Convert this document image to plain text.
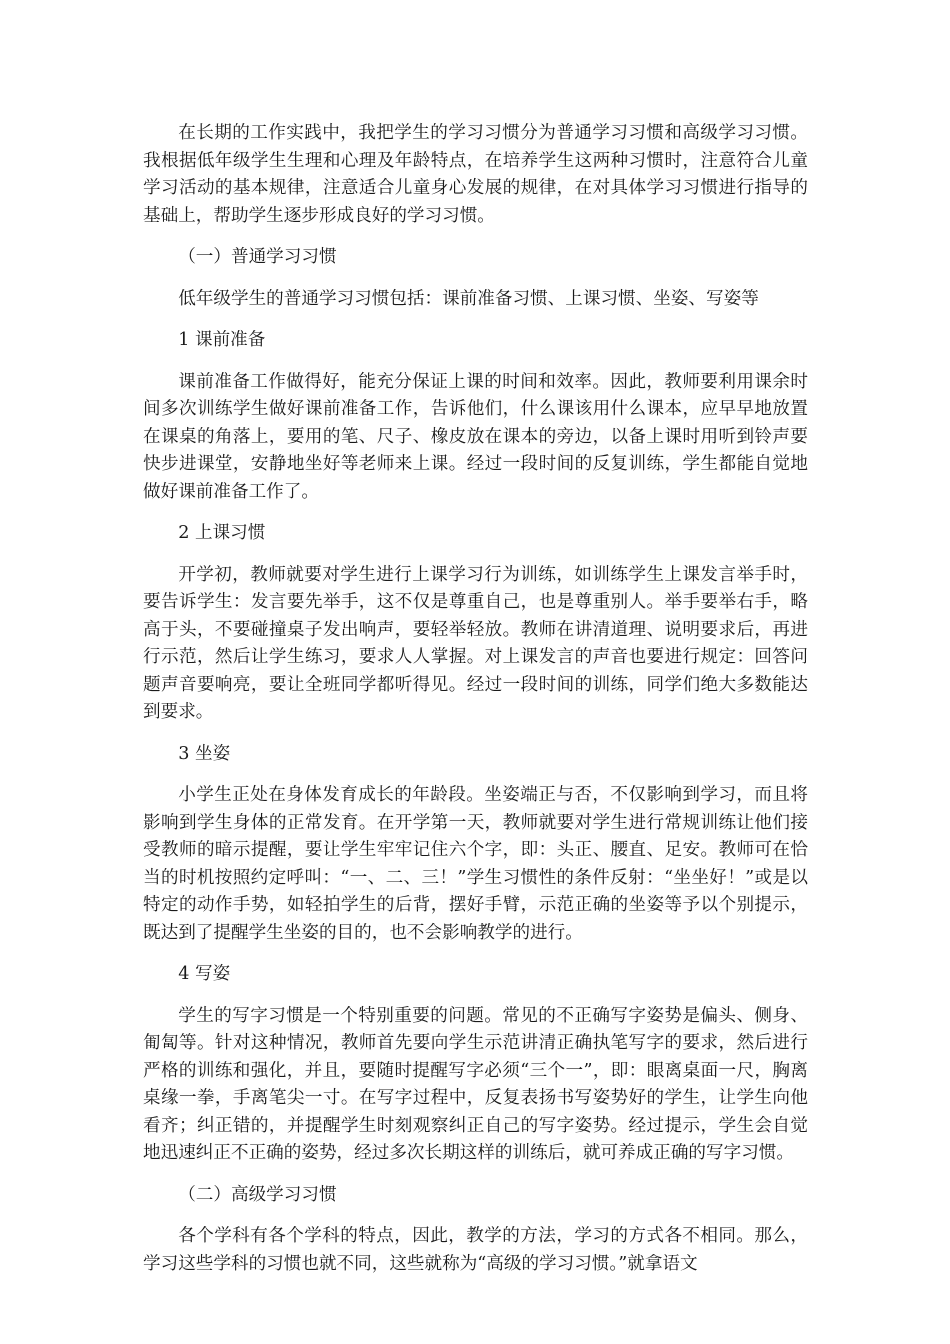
在长期的工作实践中，我把学生的学习习惯分为普通学习习惯和高级学习习惯。我根据低年级学生生理和心理及年龄特点，在培养学生这两种习惯时，注意符合儿童学习活动的基本规律，注意适合儿童身心发展的规律，在对具体学习习惯进行指导的基础上，帮助学生逐步形成良好的学习习惯。

（一）普通学习习惯

低年级学生的普通学习习惯包括：课前准备习惯、上课习惯、坐姿、写姿等

1 课前准备

课前准备工作做得好，能充分保证上课的时间和效率。因此，教师要利用课余时间多次训练学生做好课前准备工作，告诉他们，什么课该用什么课本，应早早地放置在课桌的角落上，要用的笔、尺子、橡皮放在课本的旁边，以备上课时用听到铃声要快步进课堂，安静地坐好等老师来上课。经过一段时间的反复训练，学生都能自觉地做好课前准备工作了。

2 上课习惯

开学初，教师就要对学生进行上课学习行为训练，如训练学生上课发言举手时，要告诉学生：发言要先举手，这不仅是尊重自己，也是尊重别人。举手要举右手，略高于头，不要碰撞桌子发出响声，要轻举轻放。教师在讲清道理、说明要求后，再进行示范，然后让学生练习，要求人人掌握。对上课发言的声音也要进行规定：回答问题声音要响亮，要让全班同学都听得见。经过一段时间的训练，同学们绝大多数能达到要求。

3 坐姿

小学生正处在身体发育成长的年龄段。坐姿端正与否，不仅影响到学习，而且将影响到学生身体的正常发育。在开学第一天，教师就要对学生进行常规训练让他们接受教师的暗示提醒，要让学生牢牢记住六个字，即：头正、腰直、足安。教师可在恰当的时机按照约定呼叫：“一、二、三！”学生习惯性的条件反射：“坐坐好！”或是以特定的动作手势，如轻拍学生的后背，摆好手臂，示范正确的坐姿等予以个别提示，既达到了提醒学生坐姿的目的，也不会影响教学的进行。

4 写姿

学生的写字习惯是一个特别重要的问题。常见的不正确写字姿势是偏头、侧身、匍匐等。针对这种情况，教师首先要向学生示范讲清正确执笔写字的要求，然后进行严格的训练和强化，并且，要随时提醒写字必须“三个一”，即：眼离桌面一尺，胸离桌缘一拳，手离笔尖一寸。在写字过程中，反复表扬书写姿势好的学生，让学生向他看齐；纠正错的，并提醒学生时刻观察纠正自己的写字姿势。经过提示，学生会自觉地迅速纠正不正确的姿势，经过多次长期这样的训练后，就可养成正确的写字习惯。

（二）高级学习习惯

各个学科有各个学科的特点，因此，教学的方法，学习的方式各不相同。那么，学习这些学科的习惯也就不同，这些就称为“高级的学习习惯。”就拿语文
